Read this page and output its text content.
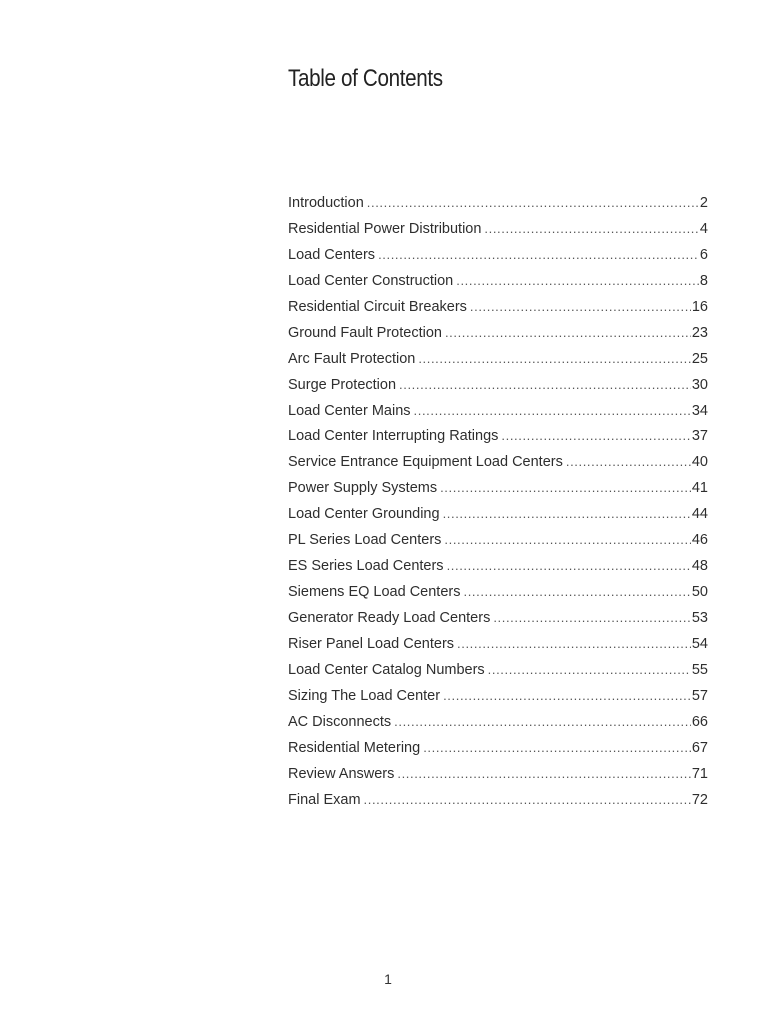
Table of Contents
Introduction .....	2
Residential Power Distribution .....	4
Load Centers .....	6
Load Center Construction .....	8
Residential Circuit Breakers .....	16
Ground Fault Protection .....	23
Arc Fault Protection .....	25
Surge Protection .....	30
Load Center Mains .....	34
Load Center Interrupting Ratings .....	37
Service Entrance Equipment Load Centers .....	40
Power Supply Systems .....	41
Load Center Grounding .....	44
PL Series Load Centers .....	46
ES Series Load Centers .....	48
Siemens EQ Load Centers .....	50
Generator Ready Load Centers .....	53
Riser Panel Load Centers .....	54
Load Center Catalog Numbers .....	55
Sizing The Load Center .....	57
AC Disconnects .....	66
Residential Metering .....	67
Review Answers .....	71
Final Exam .....	72
1
